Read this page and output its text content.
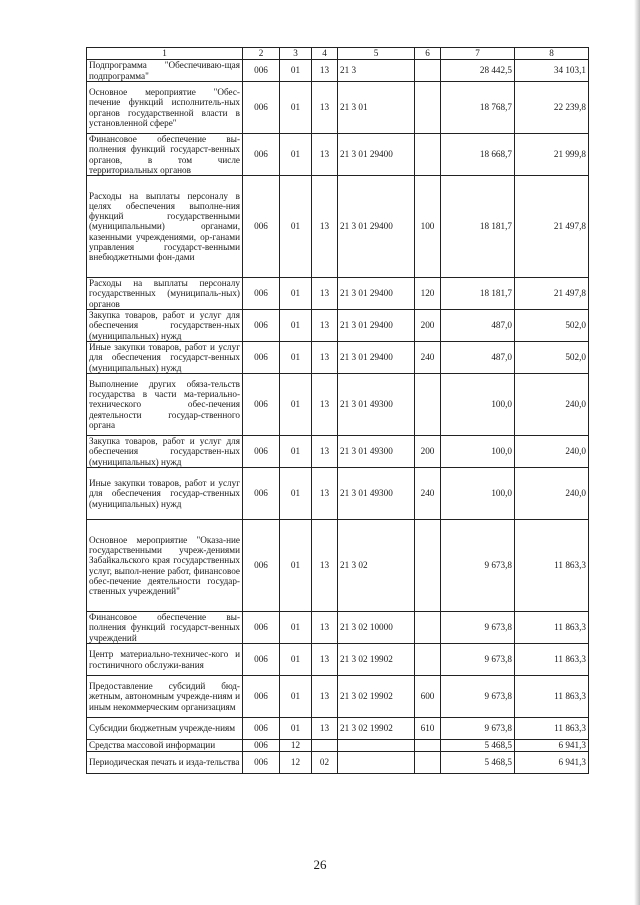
1	2	3	4	5	6	7	8
Подпрограмма "Обеспечиваю-щая подпрограмма"	006	01	13	21 3		28 442,5	34 103,1
Основное мероприятие "Обес-печение функций исполнитель-ных органов государственной власти в установленной сфере"	006	01	13	21 3 01		18 768,7	22 239,8
Финансовое обеспечение вы-полнения функций государст-венных органов, в том числе территориальных органов	006	01	13	21 3 01 29400		18 668,7	21 999,8
Расходы на выплаты персоналу в целях обеспечения выполне-ния функций государственными (муниципальными) органами, казенными учреждениями, ор-ганами управления государст-венными внебюджетными фон-дами	006	01	13	21 3 01 29400	100	18 181,7	21 497,8
Расходы на выплаты персоналу государственных (муниципаль-ных) органов	006	01	13	21 3 01 29400	120	18 181,7	21 497,8
Закупка товаров, работ и услуг для обеспечения государствен-ных (муниципальных) нужд	006	01	13	21 3 01 29400	200	487,0	502,0
Иные закупки товаров, работ и услуг для обеспечения государст-венных (муниципальных) нужд	006	01	13	21 3 01 29400	240	487,0	502,0
Выполнение других обяза-тельств государства в части ма-териально-технического обес-печения деятельности государ-ственного органа	006	01	13	21 3 01 49300		100,0	240,0
Закупка товаров, работ и услуг для обеспечения государствен-ных (муниципальных) нужд	006	01	13	21 3 01 49300	200	100,0	240,0
Иные закупки товаров, работ и услуг для обеспечения государ-ственных (муниципальных) нужд	006	01	13	21 3 01 49300	240	100,0	240,0
Основное мероприятие "Оказа-ние государственными учреж-дениями Забайкальского края государственных услуг, выпол-нение работ, финансовое обес-печение деятельности государ-ственных учреждений"	006	01	13	21 3 02		9 673,8	11 863,3
Финансовое обеспечение вы-полнения функций государст-венных учреждений	006	01	13	21 3 02 10000		9 673,8	11 863,3
Центр материально-техничес-кого и гостиничного обслужи-вания	006	01	13	21 3 02 19902		9 673,8	11 863,3
Предоставление субсидий бюд-жетным, автономным учрежде-ниям и иным некоммерческим организациям	006	01	13	21 3 02 19902	600	9 673,8	11 863,3
Субсидии бюджетным учрежде-ниям	006	01	13	21 3 02 19902	610	9 673,8	11 863,3
Средства массовой информации	006	12				5 468,5	6 941,3
Периодическая печать и изда-тельства	006	12	02			5 468,5	6 941,3
26
